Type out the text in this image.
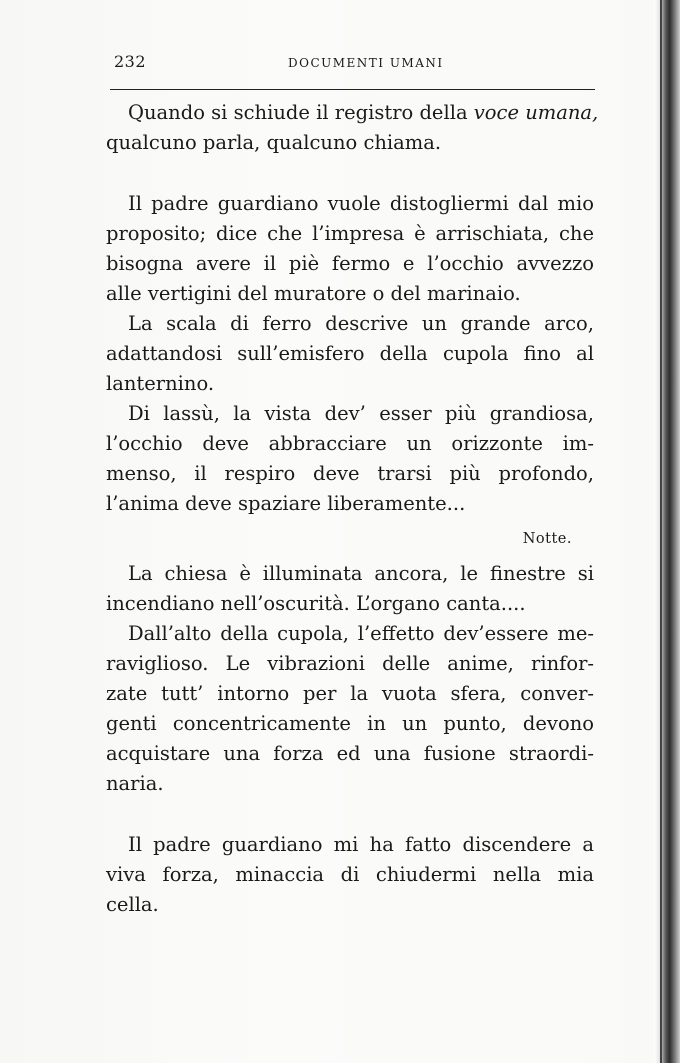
232	DOCUMENTI UMANI
Quando si schiude il registro della voce umana,
qualcuno parla, qualcuno chiama.
Il padre guardiano vuole distogliermi dal mio
proposito; dice che l’impresa è arrischiata, che
bisogna avere il piè fermo e l’occhio avvezzo
alle vertigini del muratore o del marinaio.
La scala di ferro descrive un grande arco,
adattandosi sull’emisfero della cupola fino al
lanternino.
Di lassù, la vista dev’ esser più grandiosa,
l’occhio deve abbracciare un orizzonte im-
menso, il respiro deve trarsi più profondo,
l’anima deve spaziare liberamente...
Notte.
La chiesa è illuminata ancora, le finestre si
incendiano nell’oscurità. L’organo canta....
Dall’alto della cupola, l’effetto dev’essere me-
raviglioso. Le vibrazioni delle anime, rinfor-
zate tutt’ intorno per la vuota sfera, conver-
genti concentricamente in un punto, devono
acquistare una forza ed una fusione straordi-
naria.
Il padre guardiano mi ha fatto discendere a
viva forza, minaccia di chiudermi nella mia
cella.
